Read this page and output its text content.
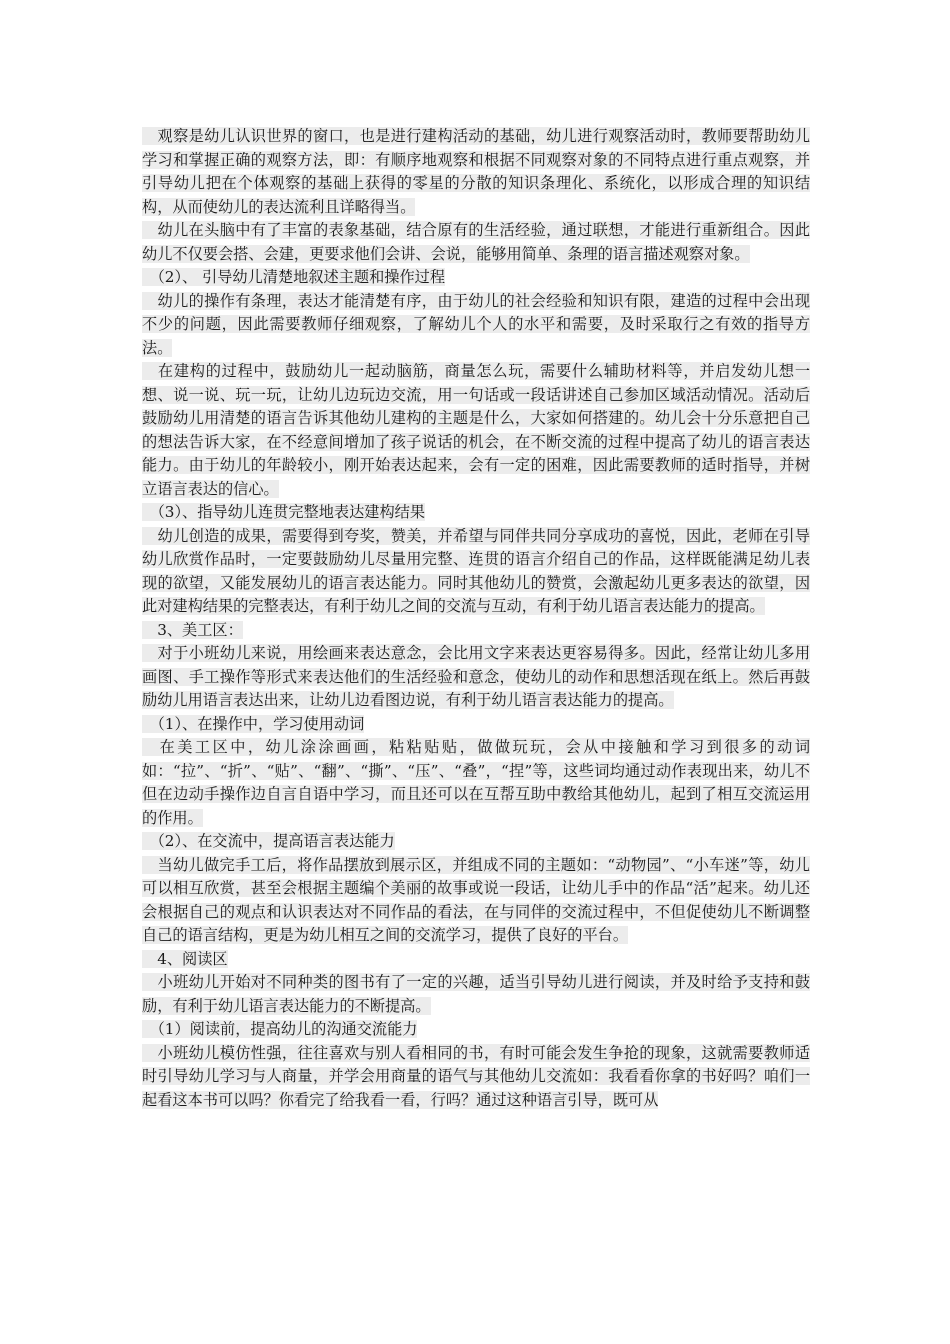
　观察是幼儿认识世界的窗口，也是进行建构活动的基础，幼儿进行观察活动时，教师要帮助幼儿学习和掌握正确的观察方法，即：有顺序地观察和根据不同观察对象的不同特点进行重点观察，并引导幼儿把在个体观察的基础上获得的零星的分散的知识条理化、系统化，以形成合理的知识结构，从而使幼儿的表达流利且详略得当。

　幼儿在头脑中有了丰富的表象基础，结合原有的生活经验，通过联想，才能进行重新组合。因此幼儿不仅要会搭、会建，更要求他们会讲、会说，能够用简单、条理的语言描述观察对象。

　（2）、 引导幼儿清楚地叙述主题和操作过程

　幼儿的操作有条理，表达才能清楚有序，由于幼儿的社会经验和知识有限，建造的过程中会出现不少的问题，因此需要教师仔细观察，了解幼儿个人的水平和需要，及时采取行之有效的指导方法。

　在建构的过程中，鼓励幼儿一起动脑筋，商量怎么玩，需要什么辅助材料等，并启发幼儿想一想、说一说、玩一玩，让幼儿边玩边交流，用一句话或一段话讲述自己参加区域活动情况。活动后鼓励幼儿用清楚的语言告诉其他幼儿建构的主题是什么，大家如何搭建的。幼儿会十分乐意把自己的想法告诉大家，在不经意间增加了孩子说话的机会，在不断交流的过程中提高了幼儿的语言表达能力。由于幼儿的年龄较小，刚开始表达起来，会有一定的困难，因此需要教师的适时指导，并树立语言表达的信心。

　（3）、指导幼儿连贯完整地表达建构结果

　幼儿创造的成果，需要得到夸奖，赞美，并希望与同伴共同分享成功的喜悦，因此，老师在引导幼儿欣赏作品时，一定要鼓励幼儿尽量用完整、连贯的语言介绍自己的作品，这样既能满足幼儿表现的欲望，又能发展幼儿的语言表达能力。同时其他幼儿的赞赏，会激起幼儿更多表达的欲望，因此对建构结果的完整表达，有利于幼儿之间的交流与互动，有利于幼儿语言表达能力的提高。

　3、美工区：

　对于小班幼儿来说，用绘画来表达意念，会比用文字来表达更容易得多。因此，经常让幼儿多用画图、手工操作等形式来表达他们的生活经验和意念，使幼儿的动作和思想活现在纸上。然后再鼓励幼儿用语言表达出来，让幼儿边看图边说，有利于幼儿语言表达能力的提高。

　（1）、在操作中，学习使用动词

　在美工区中，幼儿涂涂画画，粘粘贴贴，做做玩玩，会从中接触和学习到很多的动词如：“拉”、“折”、“贴”、“翻”、“撕”、“压”、“叠”，“捏”等，这些词均通过动作表现出来，幼儿不但在边动手操作边自言自语中学习，而且还可以在互帮互助中教给其他幼儿，起到了相互交流运用的作用。

　（2）、在交流中，提高语言表达能力

　当幼儿做完手工后，将作品摆放到展示区，并组成不同的主题如：“动物园”、“小车迷”等，幼儿可以相互欣赏，甚至会根据主题编个美丽的故事或说一段话，让幼儿手中的作品“活”起来。幼儿还会根据自己的观点和认识表达对不同作品的看法，在与同伴的交流过程中，不但促使幼儿不断调整自己的语言结构，更是为幼儿相互之间的交流学习，提供了良好的平台。

　4、阅读区

　小班幼儿开始对不同种类的图书有了一定的兴趣，适当引导幼儿进行阅读，并及时给予支持和鼓励，有利于幼儿语言表达能力的不断提高。

　（1）阅读前，提高幼儿的沟通交流能力

　小班幼儿模仿性强，往往喜欢与别人看相同的书，有时可能会发生争抢的现象，这就需要教师适时引导幼儿学习与人商量，并学会用商量的语气与其他幼儿交流如：我看看你拿的书好吗？咱们一起看这本书可以吗？你看完了给我看一看，行吗？通过这种语言引导，既可从
